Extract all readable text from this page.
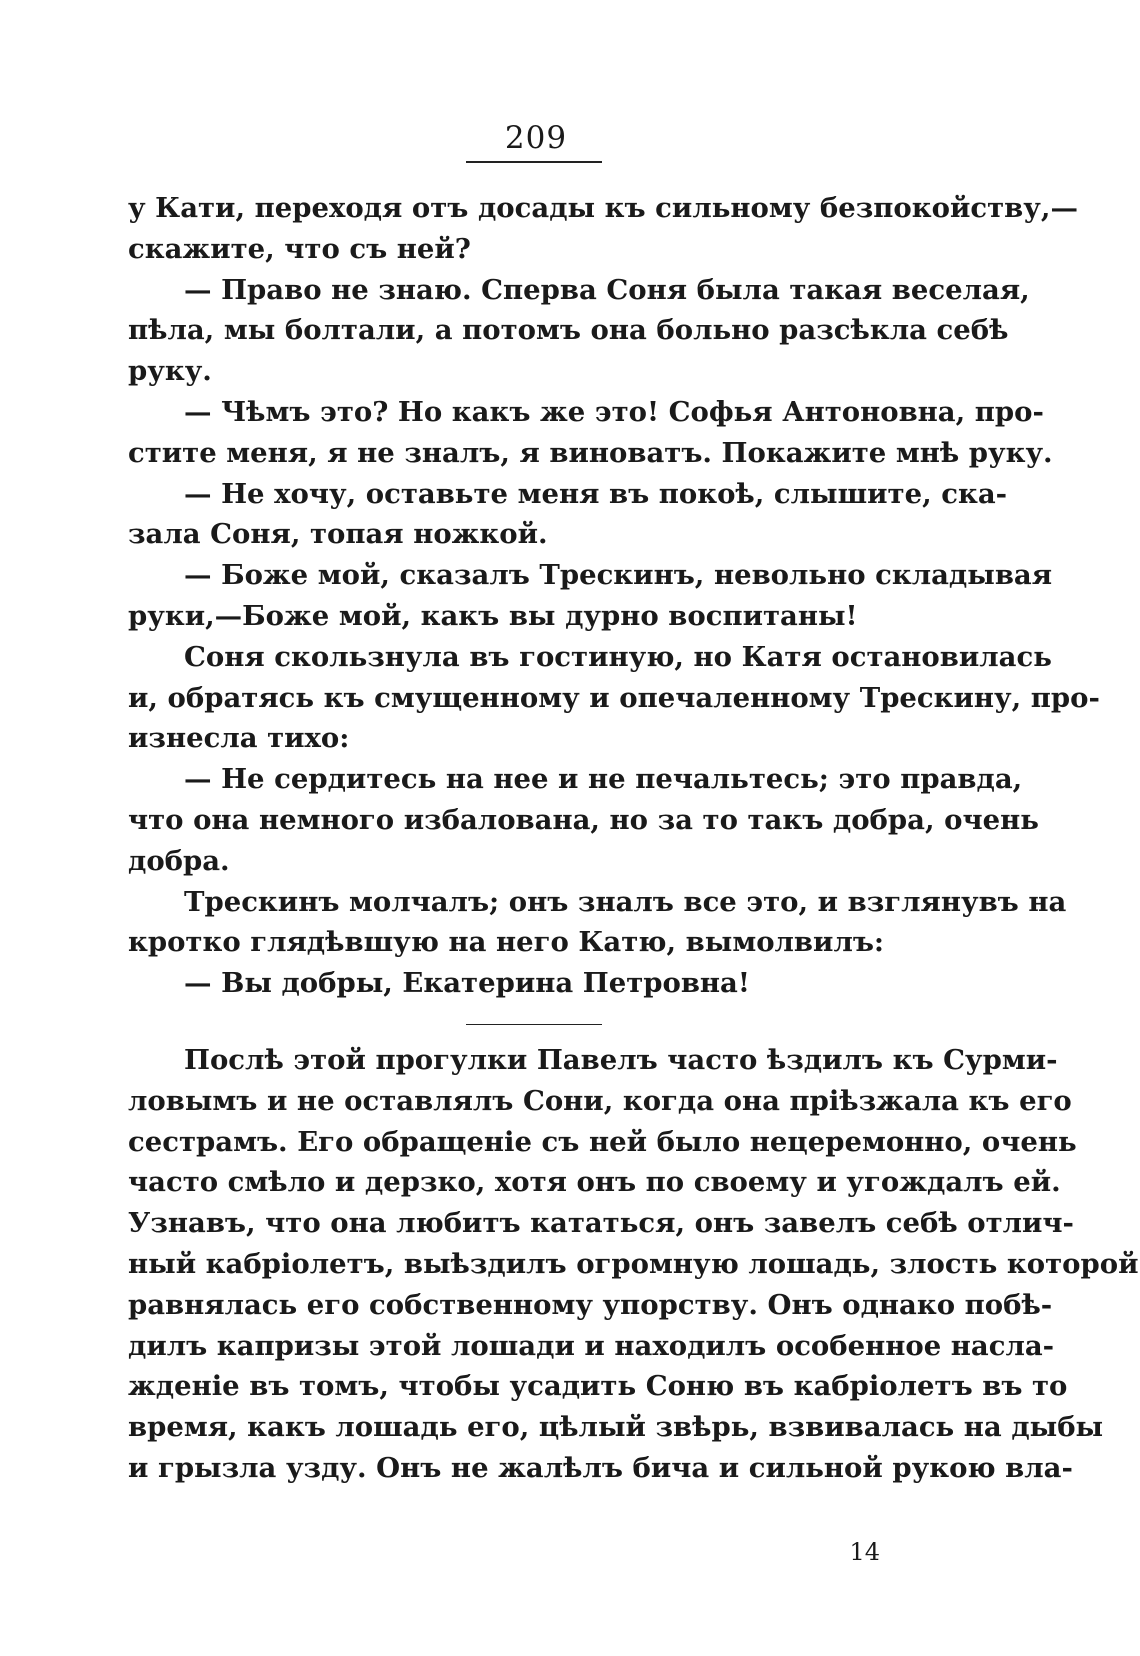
209
у Кати, переходя отъ досады къ сильному безпокойству,—
скажите, что съ ней?
— Право не знаю. Сперва Соня была такая веселая,
пѣла, мы болтали, а потомъ она больно разсѣкла себѣ
руку.
— Чѣмъ это? Но какъ же это! Софья Антоновна, про-
стите меня, я не зналъ, я виноватъ. Покажите мнѣ руку.
— Не хочу, оставьте меня въ покоѣ, слышите, ска-
зала Соня, топая ножкой.
— Боже мой, сказалъ Трескинъ, невольно складывая
руки,—Боже мой, какъ вы дурно воспитаны!
Соня скользнула въ гостиную, но Катя остановилась
и, обратясь къ смущенному и опечаленному Трескину, про-
изнесла тихо:
— Не сердитесь на нее и не печальтесь; это правда,
что она немного избалована, но за то такъ добра, очень
добра.
Трескинъ молчалъ; онъ зналъ все это, и взглянувъ на
кротко глядѣвшую на него Катю, вымолвилъ:
— Вы добры, Екатерина Петровна!
Послѣ этой прогулки Павелъ часто ѣздилъ къ Сурми-
ловымъ и не оставлялъ Сони, когда она пріѣзжала къ его
сестрамъ. Его обращеніе съ ней было нецеремонно, очень
часто смѣло и дерзко, хотя онъ по своему и угождалъ ей.
Узнавъ, что она любитъ кататься, онъ завелъ себѣ отлич-
ный кабріолетъ, выѣздилъ огромную лошадь, злость которой
равнялась его собственному упорству. Онъ однако побѣ-
дилъ капризы этой лошади и находилъ особенное насла-
жденіе въ томъ, чтобы усадить Соню въ кабріолетъ въ то
время, какъ лошадь его, цѣлый звѣрь, взвивалась на дыбы
и грызла узду. Онъ не жалѣлъ бича и сильной рукою вла-
14
